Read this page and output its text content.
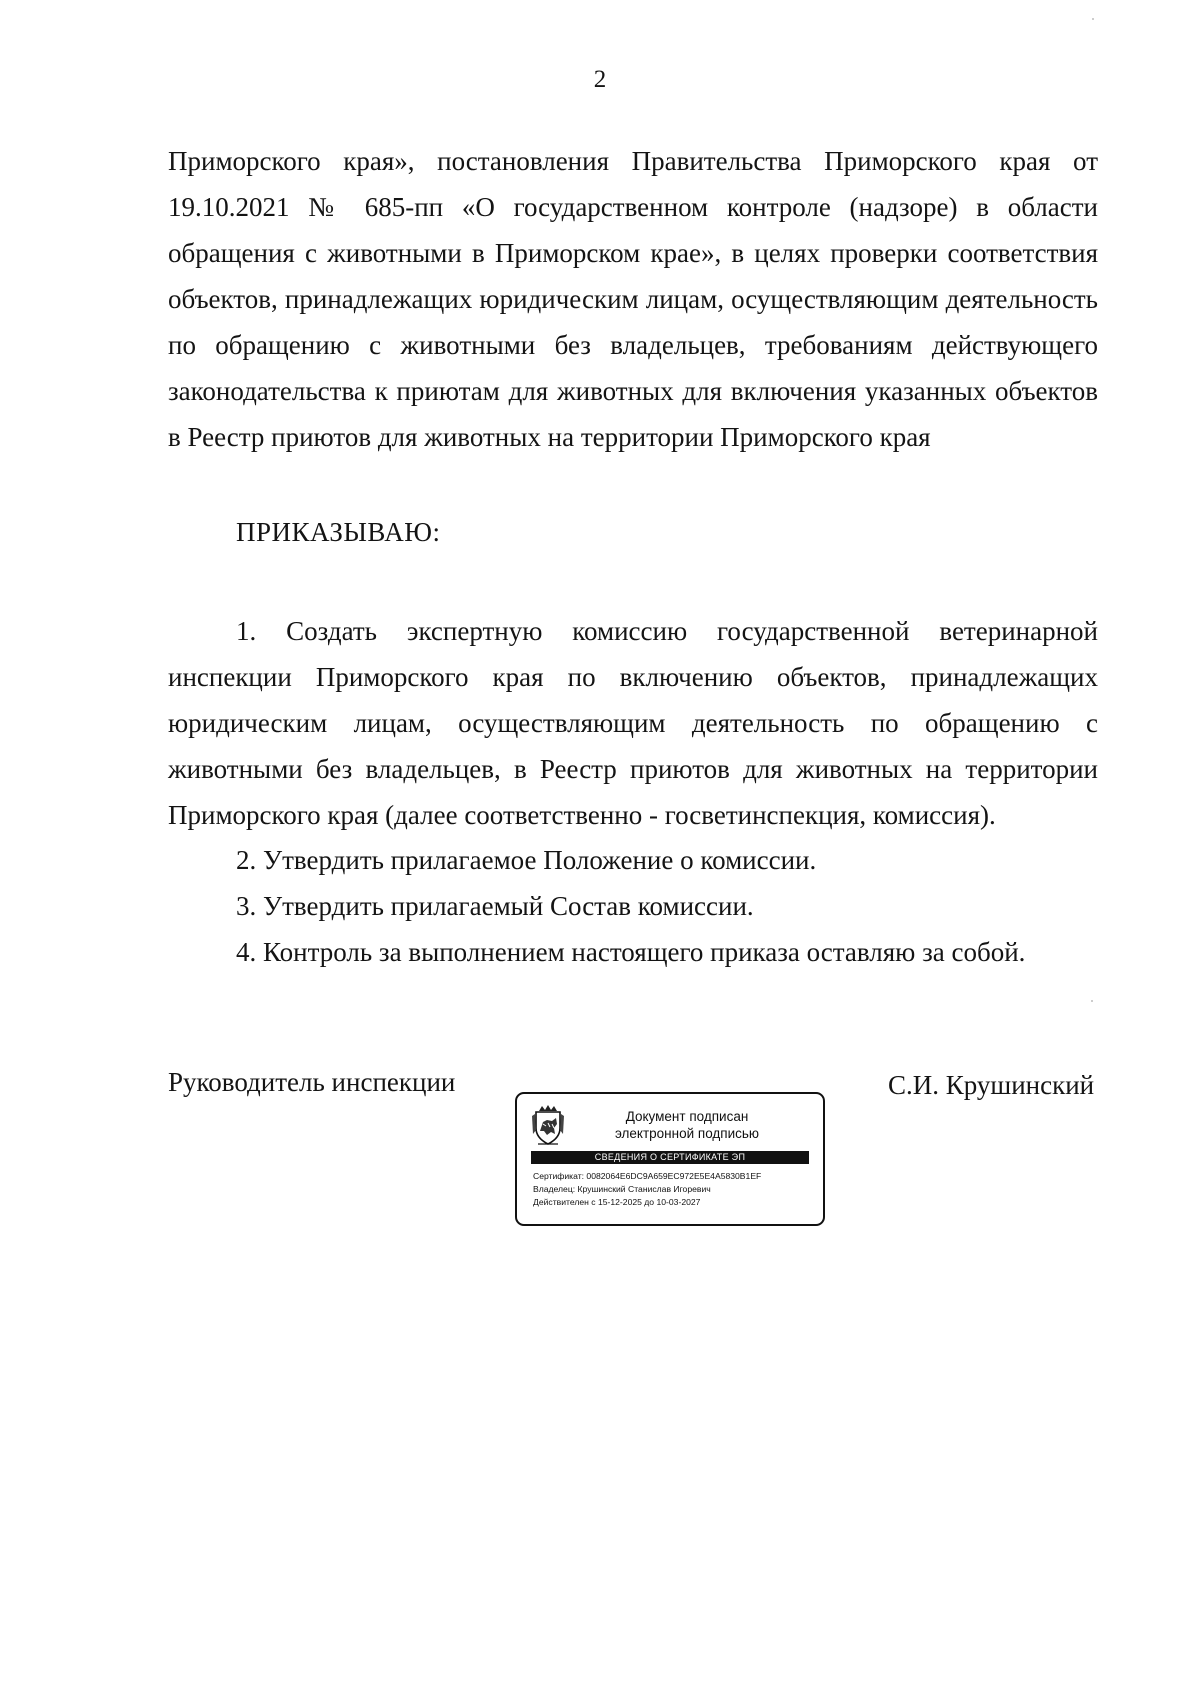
2
Приморского края», постановления Правительства Приморского края от
19.10.2021 № 685-пп «О государственном контроле (надзоре) в области
обращения с животными в Приморском крае», в целях проверки соответствия
объектов, принадлежащих юридическим лицам, осуществляющим деятельность
по обращению с животными без владельцев, требованиям действующего
законодательства к приютам для животных для включения указанных объектов
в Реестр приютов для животных на территории Приморского края
ПРИКАЗЫВАЮ:
1. Создать экспертную комиссию государственной ветеринарной
инспекции Приморского края по включению объектов, принадлежащих
юридическим лицам, осуществляющим деятельность по обращению с
животными без владельцев, в Реестр приютов для животных на территории
Приморского края (далее соответственно - госветинспекция, комиссия).
2. Утвердить прилагаемое Положение о комиссии.
3. Утвердить прилагаемый Состав комиссии.
4. Контроль за выполнением настоящего приказа оставляю за собой.
Руководитель инспекции	С.И. Крушинский
Документ подписан
электронной подписью
СВЕДЕНИЯ О СЕРТИФИКАТЕ ЭП
Сертификат: 0082064E6DC9A659EC972E5E4A5830B1EF
Владелец: Крушинский Станислав Игоревич
Действителен с 15-12-2025 до 10-03-2027
